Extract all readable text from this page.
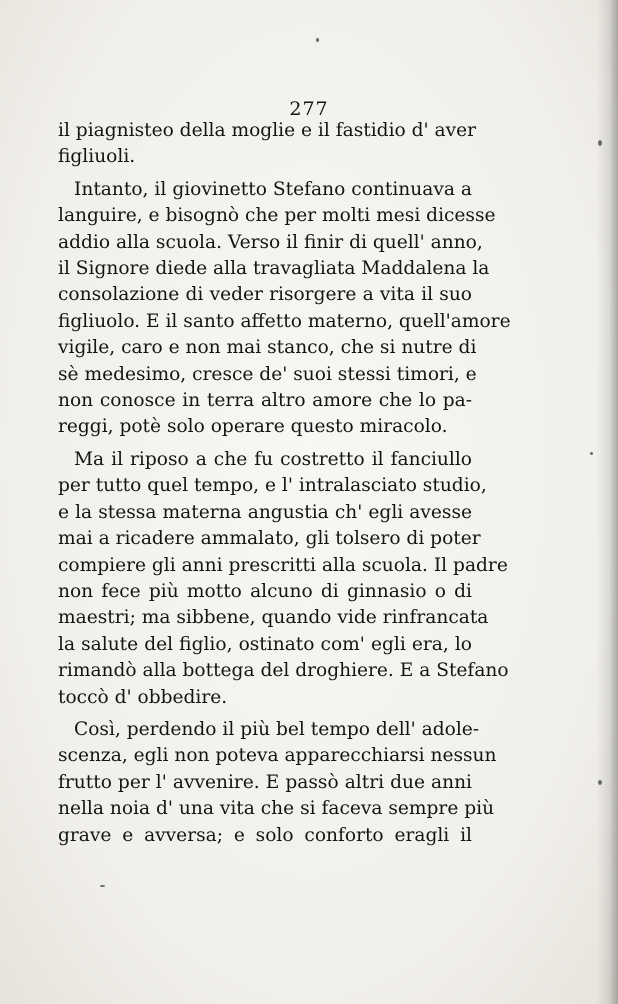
277
il piagnisteo della moglie e il fastidio d' aver
figliuoli.
Intanto, il giovinetto Stefano continuava a
languire, e bisognò che per molti mesi dicesse
addio alla scuola. Verso il finir di quell' anno,
il Signore diede alla travagliata Maddalena la
consolazione di veder risorgere a vita il suo
figliuolo. E il santo affetto materno, quell'amore
vigile, caro e non mai stanco, che si nutre di
sè medesimo, cresce de' suoi stessi timori, e
non conosce in terra altro amore che lo pa-
reggi, potè solo operare questo miracolo.
Ma il riposo a che fu costretto il fanciullo
per tutto quel tempo, e l' intralasciato studio,
e la stessa materna angustia ch' egli avesse
mai a ricadere ammalato, gli tolsero di poter
compiere gli anni prescritti alla scuola. Il padre
non fece più motto alcuno di ginnasio o di
maestri; ma sibbene, quando vide rinfrancata
la salute del figlio, ostinato com' egli era, lo
rimandò alla bottega del droghiere. E a Stefano
toccò d' obbedire.
Così, perdendo il più bel tempo dell' adole-
scenza, egli non poteva apparecchiarsi nessun
frutto per l' avvenire. E passò altri due anni
nella noia d' una vita che si faceva sempre più
grave e avversa; e solo conforto eragli il
